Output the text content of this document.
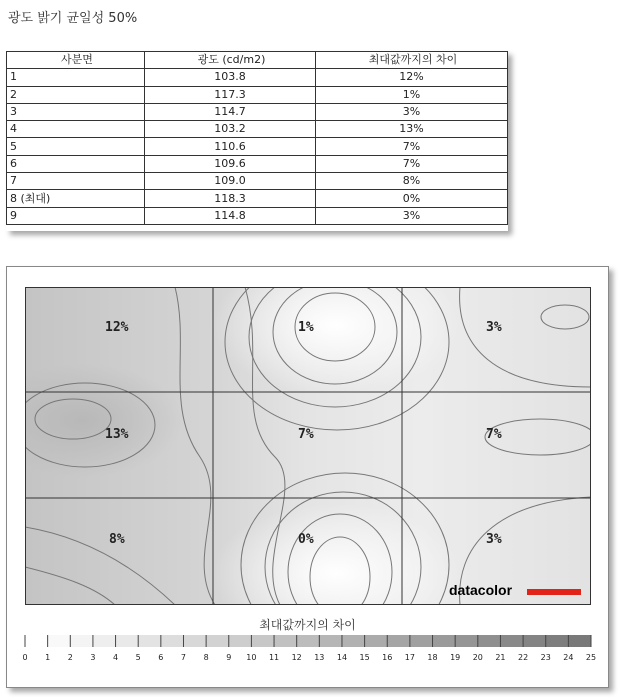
광도 밝기 균일성 50%
사분면	광도 (cd/m2)	최대값까지의 차이
1	103.8	12%
2	117.3	1%
3	114.7	3%
4	103.2	13%
5	110.6	7%
6	109.6	7%
7	109.0	8%
8 (최대)	118.3	0%
9	114.8	3%
12%	1%	3%
13%	7%	7%
8%	0%	3%
datacolor
최대값까지의 차이
0	1	2	3	4	5	6	7	8	9	10	11	12	13	14	15	16	17	18	19	20	21	22	23	24	25
